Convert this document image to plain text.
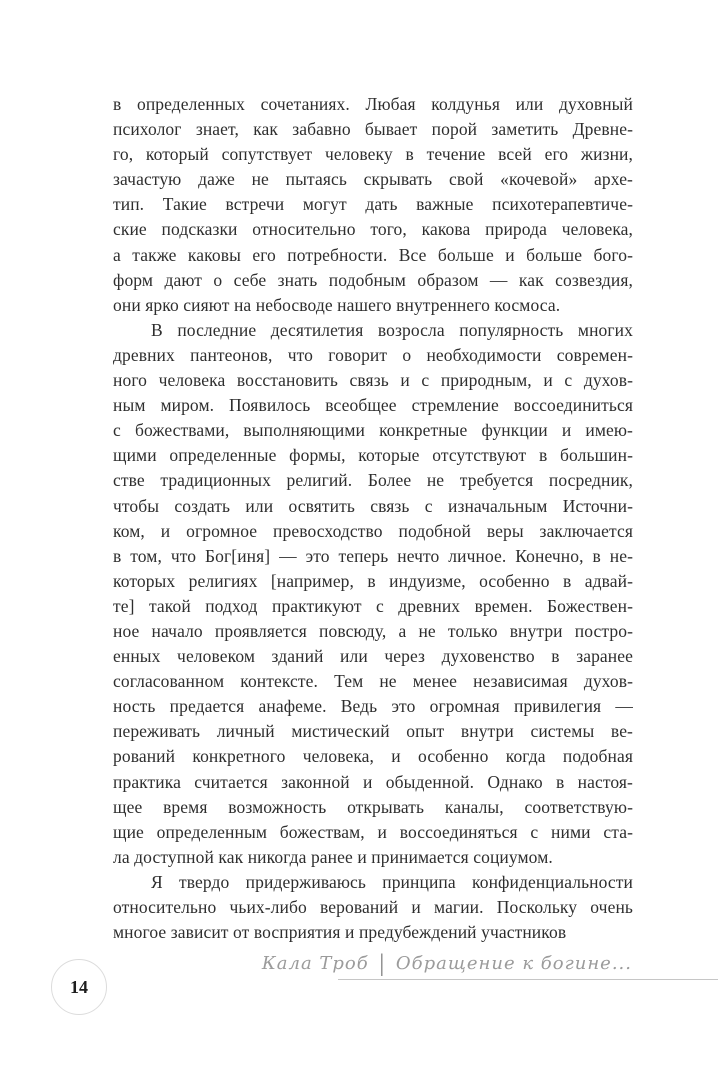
в определенных сочетаниях. Любая колдунья или духовный
психолог знает, как забавно бывает порой заметить Древне-
го, который сопутствует человеку в течение всей его жизни,
зачастую даже не пытаясь скрывать свой «кочевой» архе-
тип. Такие встречи могут дать важные психотерапевтиче-
ские подсказки относительно того, какова природа человека,
а также каковы его потребности. Все больше и больше бого-
форм дают о себе знать подобным образом — как созвездия,
они ярко сияют на небосводе нашего внутреннего космоса.

В последние десятилетия возросла популярность многих
древних пантеонов, что говорит о необходимости современ-
ного человека восстановить связь и с природным, и с духов-
ным миром. Появилось всеобщее стремление воссоединиться
с божествами, выполняющими конкретные функции и имею-
щими определенные формы, которые отсутствуют в большин-
стве традиционных религий. Более не требуется посредник,
чтобы создать или освятить связь с изначальным Источни-
ком, и огромное превосходство подобной веры заключается
в том, что Бог[иня] — это теперь нечто личное. Конечно, в не-
которых религиях [например, в индуизме, особенно в адвай-
те] такой подход практикуют с древних времен. Божествен-
ное начало проявляется повсюду, а не только внутри постро-
енных человеком зданий или через духовенство в заранее
согласованном контексте. Тем не менее независимая духов-
ность предается анафеме. Ведь это огромная привилегия —
переживать личный мистический опыт внутри системы ве-
рований конкретного человека, и особенно когда подобная
практика считается законной и обыденной. Однако в настоя-
щее время возможность открывать каналы, соответствую-
щие определенным божествам, и воссоединяться с ними ста-
ла доступной как никогда ранее и принимается социумом.

Я твердо придерживаюсь принципа конфиденциальности
относительно чьих-либо верований и магии. Поскольку очень
многое зависит от восприятия и предубеждений участников

Кала Троб | Обращение к богине...
14
